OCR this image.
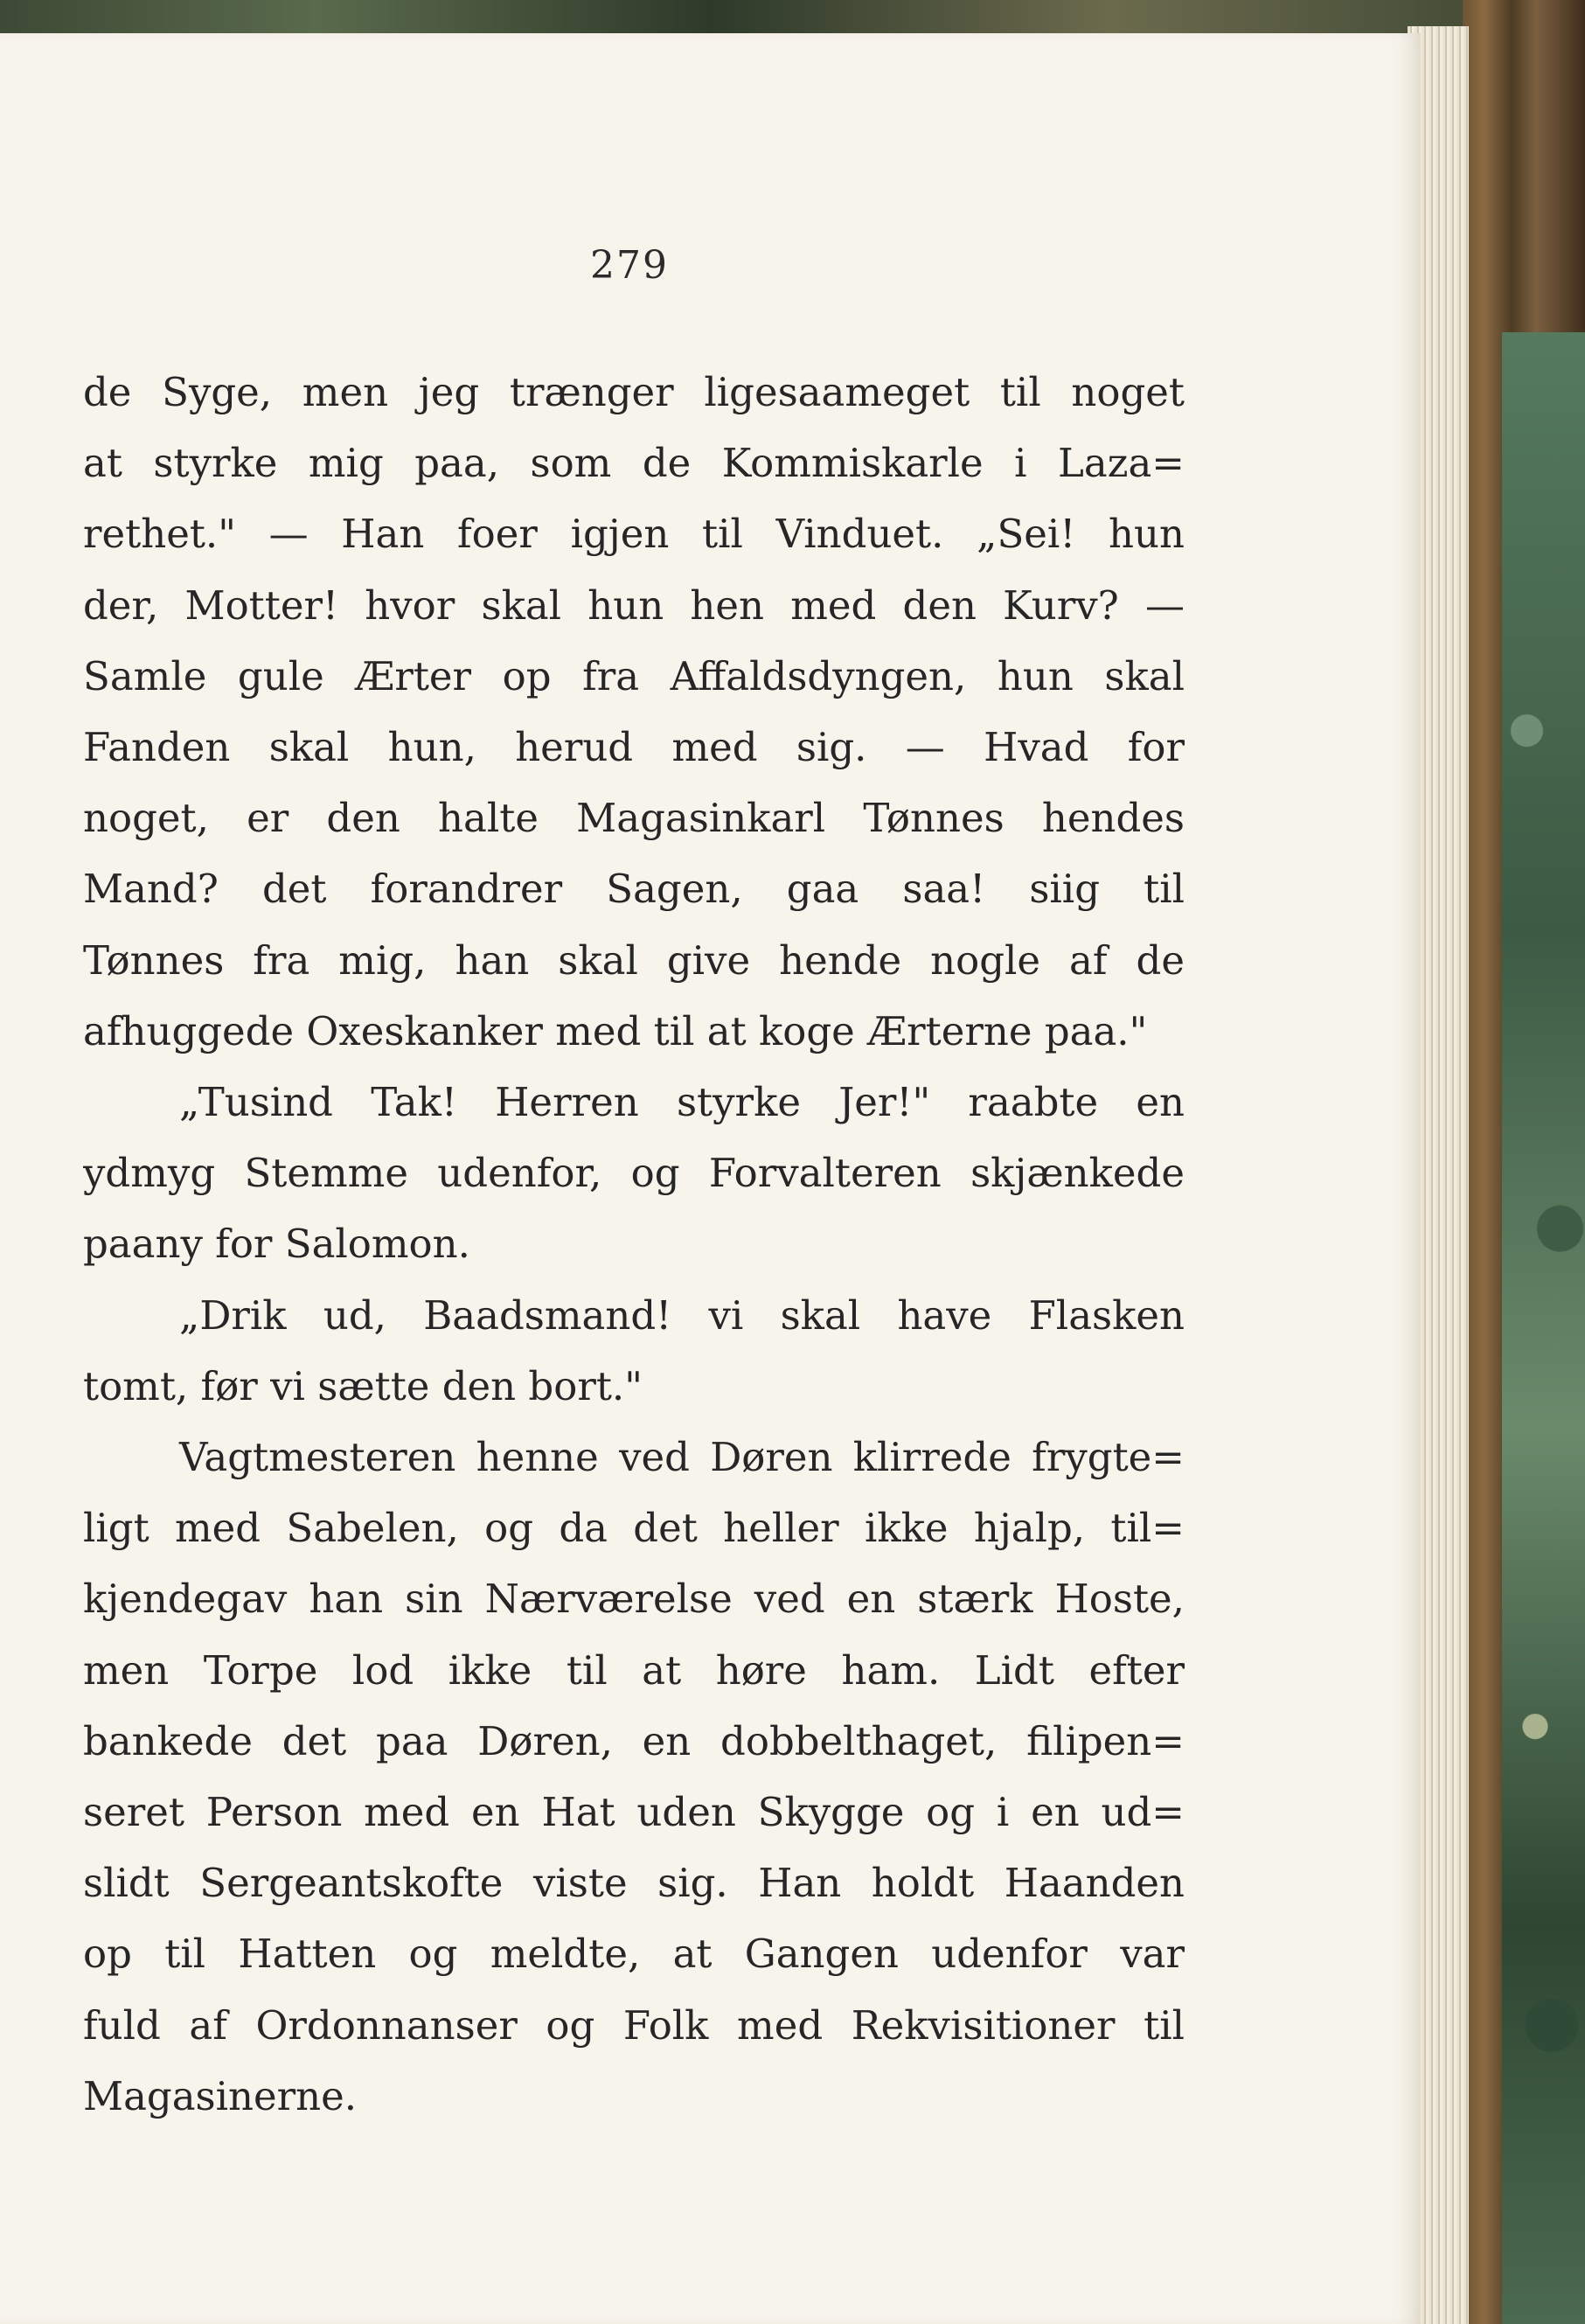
279
de Syge, men jeg trænger ligesaameget til noget
at styrke mig paa, som de Kommiskarle i Laza=
rethet." — Han foer igjen til Vinduet. „Sei! hun
der, Motter! hvor skal hun hen med den Kurv? —
Samle gule Ærter op fra Affaldsdyngen, hun skal
Fanden skal hun, herud med sig. — Hvad for
noget, er den halte Magasinkarl Tønnes hendes
Mand? det forandrer Sagen, gaa saa! siig til
Tønnes fra mig, han skal give hende nogle af de
afhuggede Oxeskanker med til at koge Ærterne paa."
„Tusind Tak! Herren styrke Jer!" raabte en
ydmyg Stemme udenfor, og Forvalteren skjænkede
paany for Salomon.
„Drik ud, Baadsmand! vi skal have Flasken
tomt, før vi sætte den bort."
Vagtmesteren henne ved Døren klirrede frygte=
ligt med Sabelen, og da det heller ikke hjalp, til=
kjendegav han sin Nærværelse ved en stærk Hoste,
men Torpe lod ikke til at høre ham. Lidt efter
bankede det paa Døren, en dobbelthaget, filipen=
seret Person med en Hat uden Skygge og i en ud=
slidt Sergeantskofte viste sig. Han holdt Haanden
op til Hatten og meldte, at Gangen udenfor var
fuld af Ordonnanser og Folk med Rekvisitioner til
Magasinerne.
